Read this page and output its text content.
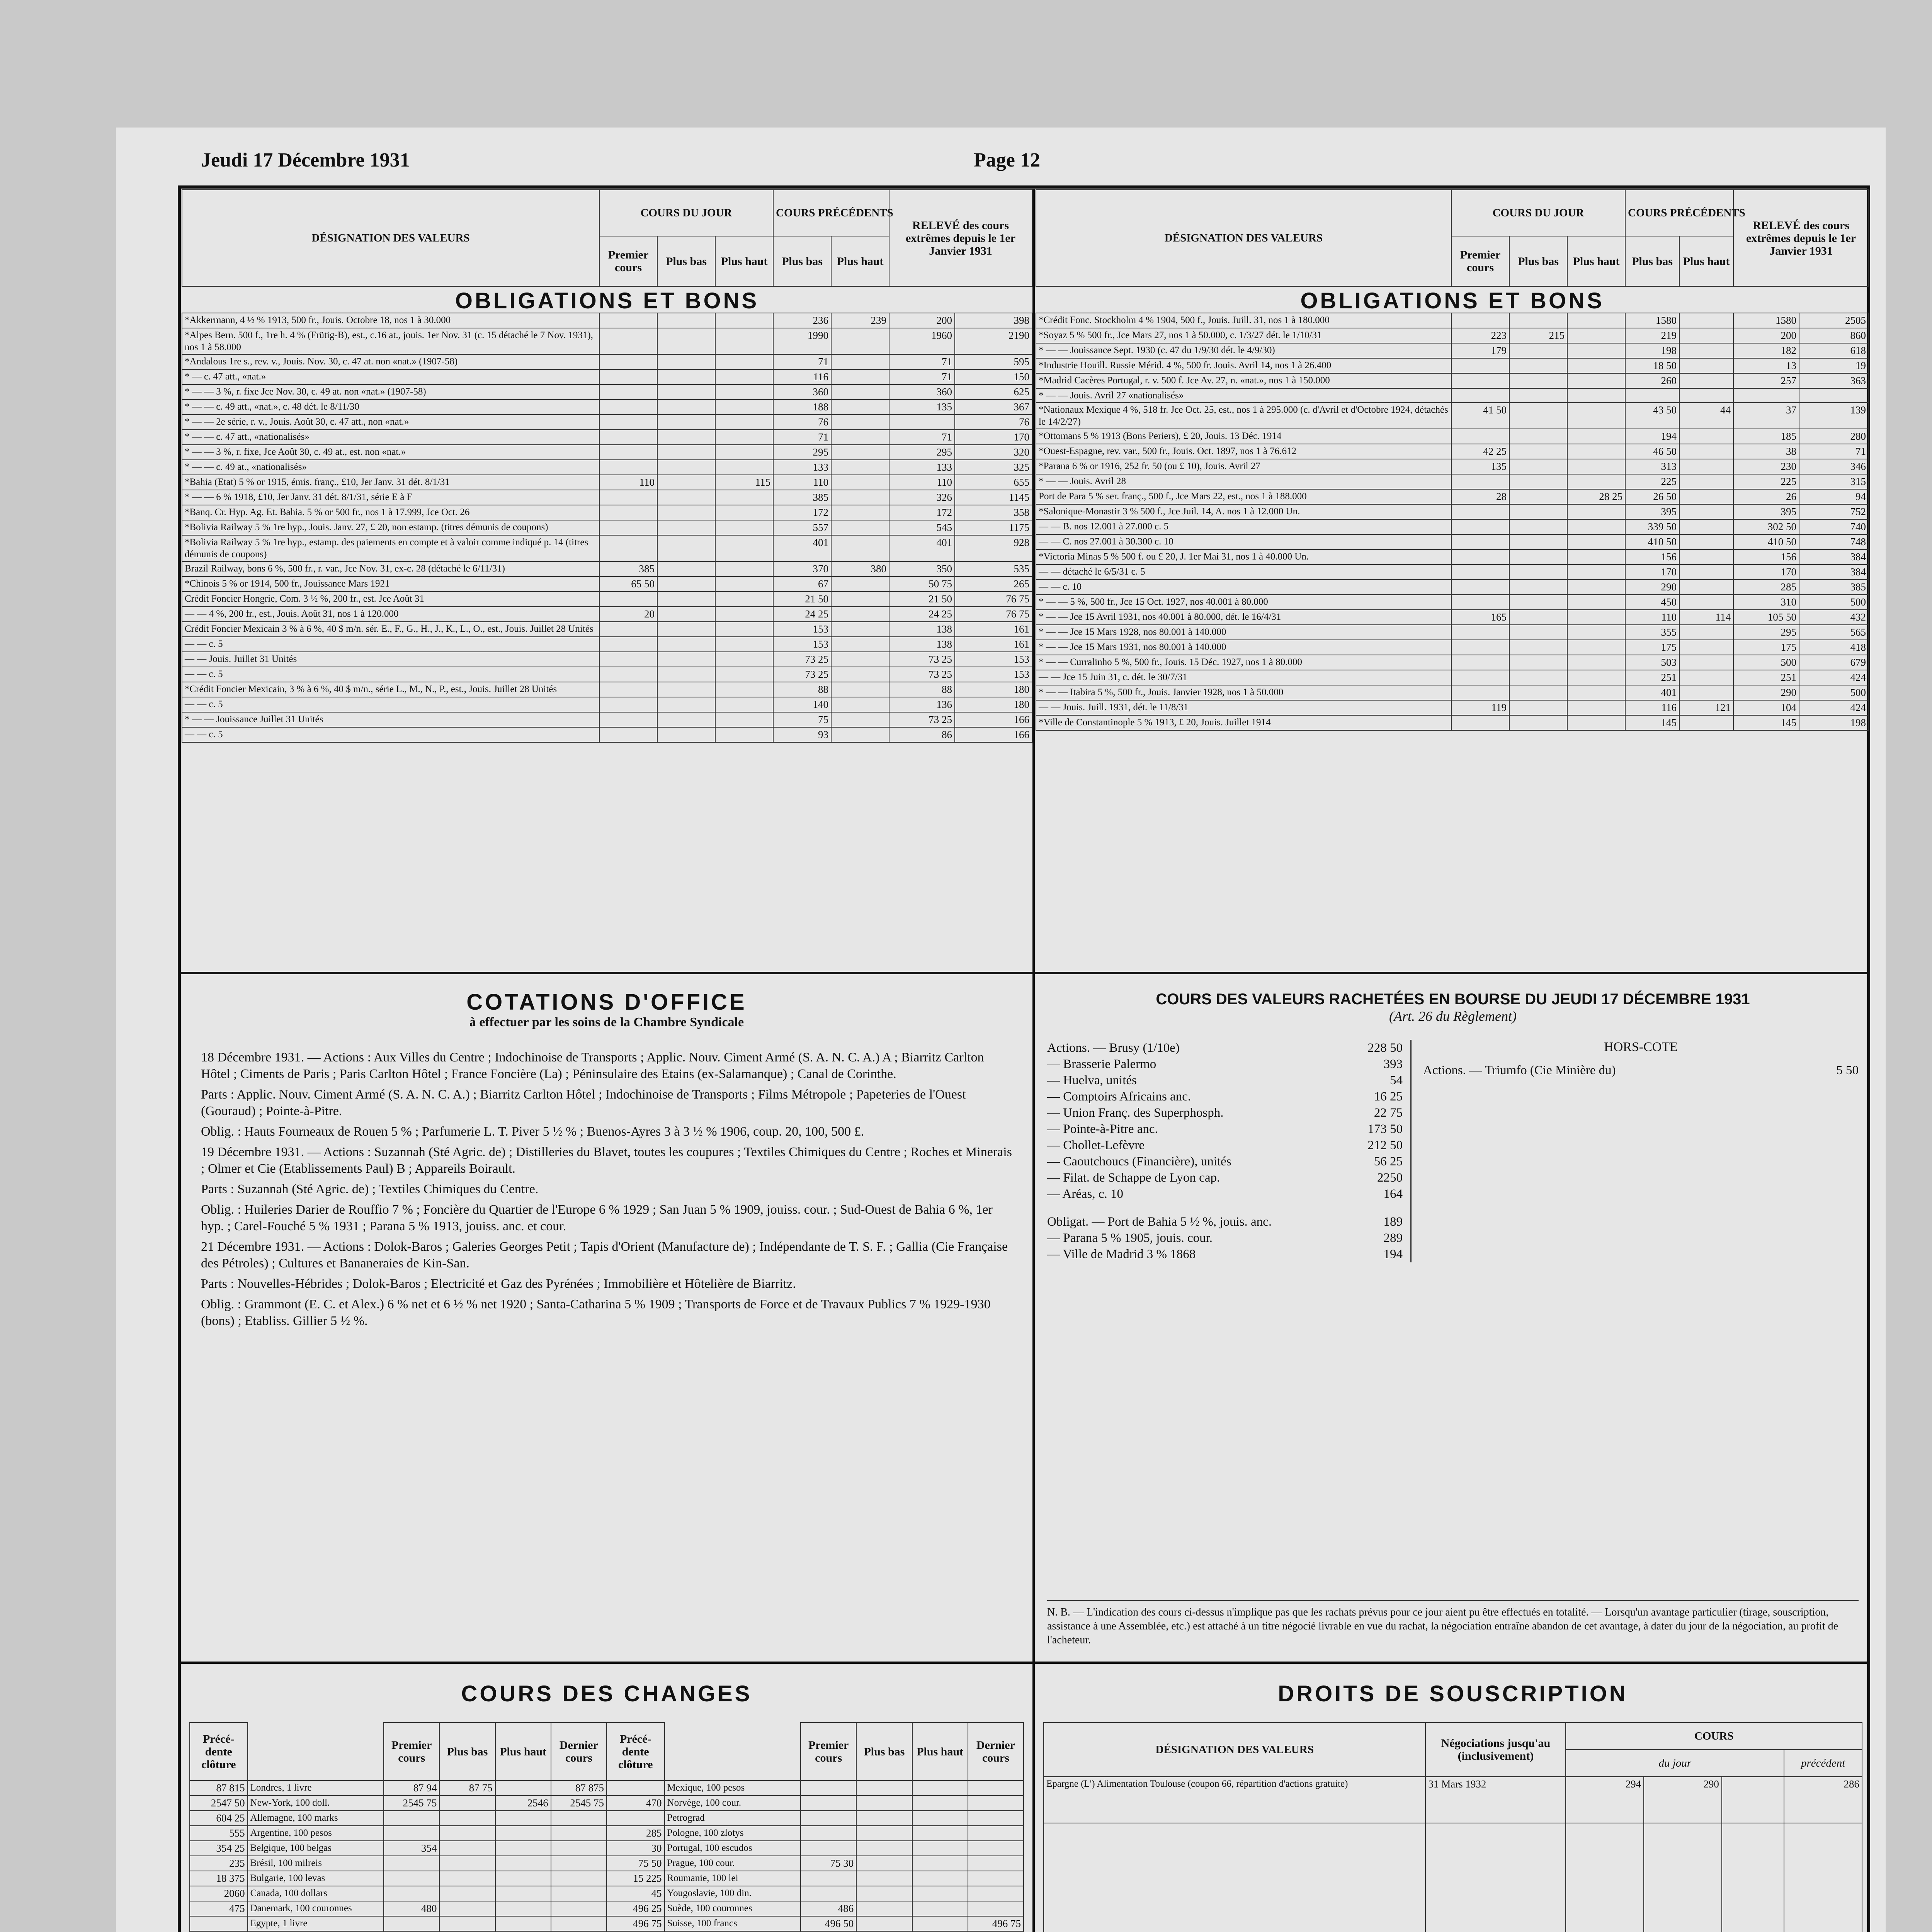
Jeudi 17 Décembre 1931	Page 12
DÉSIGNATION DES VALEURS	COURS DU JOUR			COURS PRÉCÉDENTS		RELEVÉ des cours extrêmes depuis le 1er Janvier 1931	
	Premier cours	Plus bas	Plus haut	Plus bas	Plus haut		

OBLIGATIONS ET BONS							

*Akkermann, 4 ½ % 1913, 500 fr., Jouis. Octobre 18, nos 1 à 30.000				236	239	200	398
*Alpes Bern. 500 f., 1re h. 4 % (Frütig-B), est., c.16 at., jouis. 1er Nov. 31 (c. 15 détaché le 7 Nov. 1931), nos 1 à 58.000				1990		1960	2190
*Andalous 1re s., rev. v., Jouis. Nov. 30, c. 47 at. non «nat.» (1907-58)				71		71	595
* — c. 47 att., «nat.»				116		71	150
* — — 3 %, r. fixe Jce Nov. 30, c. 49 at. non «nat.» (1907-58)				360		360	625
* — — c. 49 att., «nat.», c. 48 dét. le 8/11/30				188		135	367
* — — 2e série, r. v., Jouis. Août 30, c. 47 att., non «nat.»				76			76
* — — c. 47 att., «nationalisés»				71		71	170
* — — 3 %, r. fixe, Jce Août 30, c. 49 at., est. non «nat.»				295		295	320
* — — c. 49 at., «nationalisés»				133		133	325
*Bahia (Etat) 5 % or 1915, émis. franç., £10, Jer Janv. 31 dét. 8/1/31	110		115	110		110	655
* — — 6 % 1918, £10, Jer Janv. 31 dét. 8/1/31, série E à F				385		326	1145
*Banq. Cr. Hyp. Ag. Et. Bahia. 5 % or 500 fr., nos 1 à 17.999, Jce Oct. 26				172		172	358
*Bolivia Railway 5 % 1re hyp., Jouis. Janv. 27, £ 20, non estamp. (titres démunis de coupons)				557		545	1175
*Bolivia Railway 5 % 1re hyp., estamp. des paiements en compte et à valoir comme indiqué p. 14 (titres démunis de coupons)				401		401	928
Brazil Railway, bons 6 %, 500 fr., r. var., Jce Nov. 31, ex-c. 28 (détaché le 6/11/31)	385			370	380	350	535
*Chinois 5 % or 1914, 500 fr., Jouissance Mars 1921	65 50			67		50 75	265
Crédit Foncier Hongrie, Com. 3 ½ %, 200 fr., est. Jce Août 31				21 50		21 50	76 75
— — 4 %, 200 fr., est., Jouis. Août 31, nos 1 à 120.000	20			24 25		24 25	76 75
Crédit Foncier Mexicain 3 % à 6 %, 40 $ m/n. sér. E., F., G., H., J., K., L., O., est., Jouis. Juillet 28 Unités				153		138	161
— — c. 5				153		138	161
— — Jouis. Juillet 31 Unités				73 25		73 25	153
— — c. 5				73 25		73 25	153
*Crédit Foncier Mexicain, 3 % à 6 %, 40 $ m/n., série L., M., N., P., est., Jouis. Juillet 28 Unités				88		88	180
— — c. 5				140		136	180
* — — Jouissance Juillet 31 Unités				75		73 25	166
— — c. 5				93		86	166
DÉSIGNATION DES VALEURS	COURS DU JOUR			COURS PRÉCÉDENTS		RELEVÉ des cours extrêmes depuis le 1er Janvier 1931	
	Premier cours	Plus bas	Plus haut	Plus bas	Plus haut		

OBLIGATIONS ET BONS							

*Crédit Fonc. Stockholm 4 % 1904, 500 f., Jouis. Juill. 31, nos 1 à 180.000				1580		1580	2505
*Soyaz 5 % 500 fr., Jce Mars 27, nos 1 à 50.000, c. 1/3/27 dét. le 1/10/31	223	215		219		200	860
* — — Jouissance Sept. 1930 (c. 47 du 1/9/30 dét. le 4/9/30)	179			198		182	618
*Industrie Houill. Russie Mérid. 4 %, 500 fr. Jouis. Avril 14, nos 1 à 26.400				18 50		13	19
*Madrid Cacères Portugal, r. v. 500 f. Jce Av. 27, n. «nat.», nos 1 à 150.000				260		257	363
* — — Jouis. Avril 27 «nationalisés»							
*Nationaux Mexique 4 %, 518 fr. Jce Oct. 25, est., nos 1 à 295.000 (c. d'Avril et d'Octobre 1924, détachés le 14/2/27)	41 50			43 50	44	37	139
*Ottomans 5 % 1913 (Bons Periers), £ 20, Jouis. 13 Déc. 1914				194		185	280
*Ouest-Espagne, rev. var., 500 fr., Jouis. Oct. 1897, nos 1 à 76.612	42 25			46 50		38	71
*Parana 6 % or 1916, 252 fr. 50 (ou £ 10), Jouis. Avril 27	135			313		230	346
* — — Jouis. Avril 28				225		225	315
Port de Para 5 % ser. franç., 500 f., Jce Mars 22, est., nos 1 à 188.000	28		28 25	26 50		26	94
*Salonique-Monastir 3 % 500 f., Jce Juil. 14, A. nos 1 à 12.000 Un.				395		395	752
— — B. nos 12.001 à 27.000 c. 5				339 50		302 50	740
— — C. nos 27.001 à 30.300 c. 10				410 50		410 50	748
*Victoria Minas 5 % 500 f. ou £ 20, J. 1er Mai 31, nos 1 à 40.000 Un.				156		156	384
— — détaché le 6/5/31 c. 5				170		170	384
— — c. 10				290		285	385
* — — 5 %, 500 fr., Jce 15 Oct. 1927, nos 40.001 à 80.000				450		310	500
* — — Jce 15 Avril 1931, nos 40.001 à 80.000, dét. le 16/4/31	165			110	114	105 50	432
* — — Jce 15 Mars 1928, nos 80.001 à 140.000				355		295	565
* — — Jce 15 Mars 1931, nos 80.001 à 140.000				175		175	418
* — — Curralinho 5 %, 500 fr., Jouis. 15 Déc. 1927, nos 1 à 80.000				503		500	679
— — Jce 15 Juin 31, c. dét. le 30/7/31				251		251	424
* — — Itabira 5 %, 500 fr., Jouis. Janvier 1928, nos 1 à 50.000				401		290	500
— — Jouis. Juill. 1931, dét. le 11/8/31	119			116	121	104	424
*Ville de Constantinople 5 % 1913, £ 20, Jouis. Juillet 1914				145		145	198
COTATIONS D'OFFICE
à effectuer par les soins de la Chambre Syndicale

18 Décembre 1931. — Actions : Aux Villes du Centre ; Indochinoise de Transports ; Applic. Nouv. Ciment Armé (S. A. N. C. A.) A ; Biarritz Carlton Hôtel ; Ciments de Paris ; Paris Carlton Hôtel ; France Foncière (La) ; Péninsulaire des Etains (ex-Salamanque) ; Canal de Corinthe.

Parts : Applic. Nouv. Ciment Armé (S. A. N. C. A.) ; Biarritz Carlton Hôtel ; Indochinoise de Transports ; Films Métropole ; Papeteries de l'Ouest (Gouraud) ; Pointe-à-Pitre.

Oblig. : Hauts Fourneaux de Rouen 5 % ; Parfumerie L. T. Piver 5 ½ % ; Buenos-Ayres 3 à 3 ½ % 1906, coup. 20, 100, 500 £.

19 Décembre 1931. — Actions : Suzannah (Sté Agric. de) ; Distilleries du Blavet, toutes les coupures ; Textiles Chimiques du Centre ; Roches et Minerais ; Olmer et Cie (Etablissements Paul) B ; Appareils Boirault.

Parts : Suzannah (Sté Agric. de) ; Textiles Chimiques du Centre.

Oblig. : Huileries Darier de Rouffio 7 % ; Foncière du Quartier de l'Europe 6 % 1929 ; San Juan 5 % 1909, jouiss. cour. ; Sud-Ouest de Bahia 6 %, 1er hyp. ; Carel-Fouché 5 % 1931 ; Parana 5 % 1913, jouiss. anc. et cour.

21 Décembre 1931. — Actions : Dolok-Baros ; Galeries Georges Petit ; Tapis d'Orient (Manufacture de) ; Indépendante de T. S. F. ; Gallia (Cie Française des Pétroles) ; Cultures et Bananeraies de Kin-San.

Parts : Nouvelles-Hébrides ; Dolok-Baros ; Electricité et Gaz des Pyrénées ; Immobilière et Hôtelière de Biarritz.

Oblig. : Grammont (E. C. et Alex.) 6 % net et 6 ½ % net 1920 ; Santa-Catharina 5 % 1909 ; Transports de Force et de Travaux Publics 7 % 1929-1930 (bons) ; Etabliss. Gillier 5 ½ %.

COURS DES VALEURS RACHETÉES EN BOURSE DU JEUDI 17 DÉCEMBRE 1931
(Art. 26 du Règlement)
Actions. — Brusy (1/10e)	228 50
— Brasserie Palermo	393
— Huelva, unités	54
— Comptoirs Africains anc.	16 25
— Union Franç. des Superphosph.	22 75
— Pointe-à-Pitre anc.	173 50
— Chollet-Lefèvre	212 50
— Caoutchoucs (Financière), unités	56 25
— Filat. de Schappe de Lyon cap.	2250
— Aréas, c. 10	164
Obligat. — Port de Bahia 5 ½ %, jouis. anc.	189
— Parana 5 % 1905, jouis. cour.	289
— Ville de Madrid 3 % 1868	194
HORS-COTE
Actions. — Triumfo (Cie Minière du)	5 50
N. B. — L'indication des cours ci-dessus n'implique pas que les rachats prévus pour ce jour aient pu être effectués en totalité. — Lorsqu'un avantage particulier (tirage, souscription, assistance à une Assemblée, etc.) est attaché à un titre négocié livrable en vue du rachat, la négociation entraîne abandon de cet avantage, à dater du jour de la négociation, au profit de l'acheteur.
COURS DES CHANGES
Précé-dente clôture		Premier cours	Plus bas	Plus haut	Dernier cours	Précé-dente clôture		Premier cours	Plus bas	Plus haut	Dernier cours
87 815	Londres, 1 livre	87 94	87 75		87 875		Mexique, 100 pesos				
2547 50	New-York, 100 doll.	2545 75		2546	2545 75	470	Norvège, 100 cour.				
604 25	Allemagne, 100 marks						Petrograd				
555	Argentine, 100 pesos					285	Pologne, 100 zlotys				
354 25	Belgique, 100 belgas	354				30	Portugal, 100 escudos				
235	Brésil, 100 milreis					75 50	Prague, 100 cour.	75 30			
18 375	Bulgarie, 100 levas					15 225	Roumanie, 100 lei				
2060	Canada, 100 dollars					45	Yougoslavie, 100 din.				
475	Danemark, 100 couronnes	480				496 25	Suède, 100 couronnes	486			
	Egypte, 1 livre					496 75	Suisse, 100 francs	496 50			496 75

DROITS DE SOUSCRIPTION
DÉSIGNATION DES VALEURS	Négociations jusqu'au (inclusivement)	COURS			
		du jour			précédent
Epargne (L') Alimentation Toulouse (coupon 66, répartition d'actions gratuite)	31 Mars 1932	294	290		286
